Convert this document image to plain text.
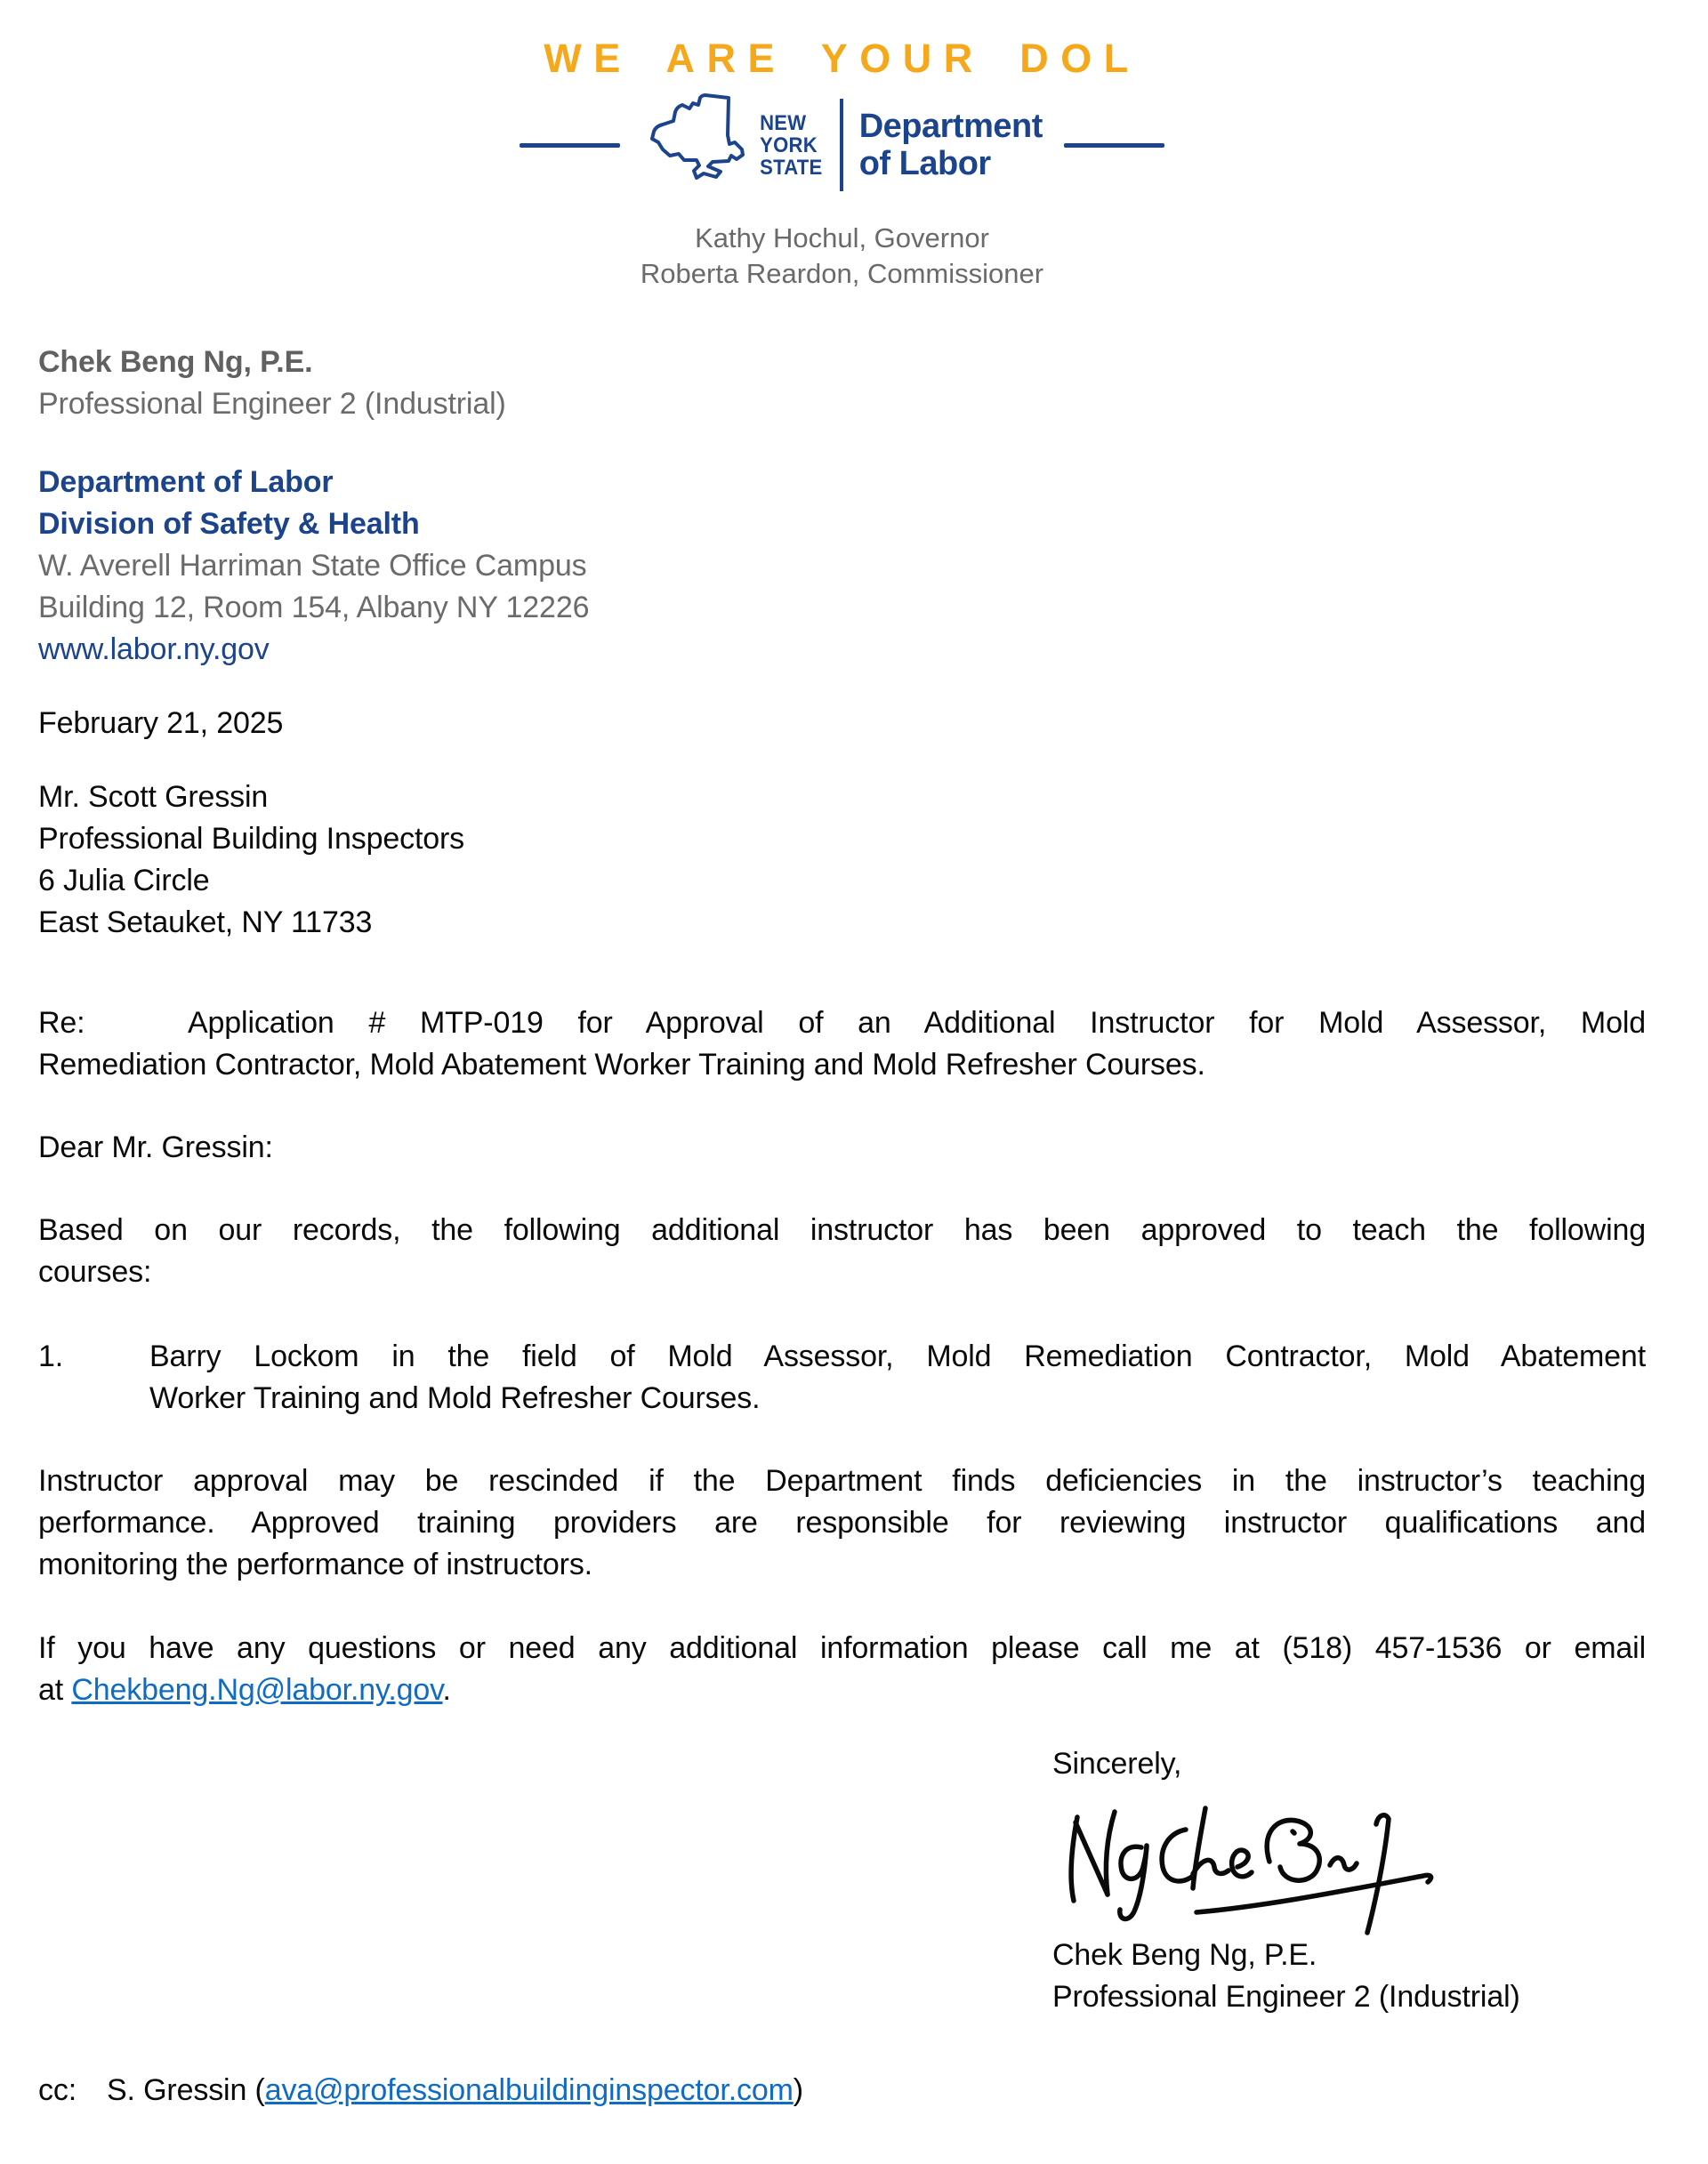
WE ARE YOUR DOL
NEW
YORK
STATE
Department
of Labor
Kathy Hochul, Governor
Roberta Reardon, Commissioner
Chek Beng Ng, P.E.
Professional Engineer 2 (Industrial)
Department of Labor
Division of Safety & Health
W. Averell Harriman State Office Campus
Building 12, Room 154, Albany NY 12226
www.labor.ny.gov
February 21, 2025
Mr. Scott Gressin
Professional Building Inspectors
6 Julia Circle
East Setauket, NY 11733
Re:	Application # MTP-019 for Approval of an Additional Instructor for Mold Assessor, Mold
Remediation Contractor, Mold Abatement Worker Training and Mold Refresher Courses.
Dear Mr. Gressin:
Based on our records, the following additional instructor has been approved to teach the following
courses:
1.	Barry Lockom in the field of Mold Assessor, Mold Remediation Contractor, Mold Abatement
Worker Training and Mold Refresher Courses.
Instructor approval may be rescinded if the Department finds deficiencies in the instructor’s teaching
performance. Approved training providers are responsible for reviewing instructor qualifications and
monitoring the performance of instructors.
If you have any questions or need any additional information please call me at (518) 457-1536 or email
at Chekbeng.Ng@labor.ny.gov.
Sincerely,
Chek Beng Ng, P.E.
Professional Engineer 2 (Industrial)
cc: S. Gressin (ava@professionalbuildinginspector.com)
